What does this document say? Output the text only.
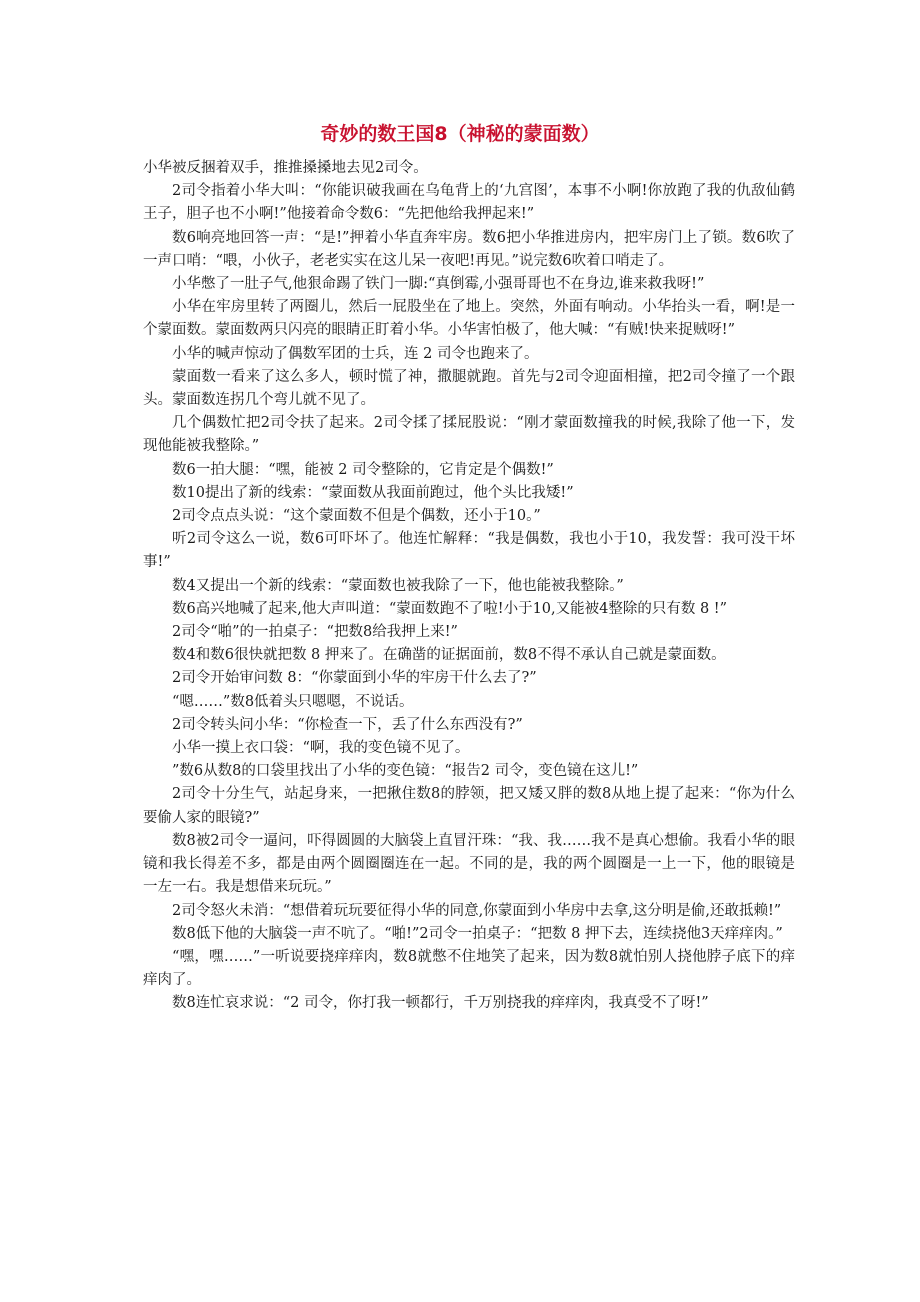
奇妙的数王国8（神秘的蒙面数）

小华被反捆着双手，推推搡搡地去见2司令。

2司令指着小华大叫：“你能识破我画在乌龟背上的‘九宫图’，本事不小啊!你放跑了我的仇敌仙鹤王子，胆子也不小啊!”他接着命令数6：“先把他给我押起来!”

数6响亮地回答一声：“是!”押着小华直奔牢房。数6把小华推进房内，把牢房门上了锁。数6吹了一声口哨：“喂，小伙子，老老实实在这儿呆一夜吧!再见。”说完数6吹着口哨走了。

小华憋了一肚子气,他狠命踢了铁门一脚:“真倒霉,小强哥哥也不在身边,谁来救我呀!”

小华在牢房里转了两圈儿，然后一屁股坐在了地上。突然，外面有响动。小华抬头一看，啊!是一个蒙面数。蒙面数两只闪亮的眼睛正盯着小华。小华害怕极了，他大喊：“有贼!快来捉贼呀!”

小华的喊声惊动了偶数军团的士兵，连 2 司令也跑来了。

蒙面数一看来了这么多人，顿时慌了神，撒腿就跑。首先与2司令迎面相撞，把2司令撞了一个跟头。蒙面数连拐几个弯儿就不见了。

几个偶数忙把2司令扶了起来。2司令揉了揉屁股说：“刚才蒙面数撞我的时候,我除了他一下，发现他能被我整除。”

数6一拍大腿：“嘿，能被 2 司令整除的，它肯定是个偶数!”

数10提出了新的线索：“蒙面数从我面前跑过，他个头比我矮!”

2司令点点头说：“这个蒙面数不但是个偶数，还小于10。”

听2司令这么一说，数6可吓坏了。他连忙解释：“我是偶数，我也小于10，我发誓：我可没干坏事!”

数4又提出一个新的线索：“蒙面数也被我除了一下，他也能被我整除。”

数6高兴地喊了起来,他大声叫道：“蒙面数跑不了啦!小于10,又能被4整除的只有数 8 !”

2司令“啪”的一拍桌子：“把数8给我押上来!”

数4和数6很快就把数 8 押来了。在确凿的证据面前，数8不得不承认自己就是蒙面数。

2司令开始审问数 8：“你蒙面到小华的牢房干什么去了?”

“嗯……”数8低着头只嗯嗯，不说话。

2司令转头问小华：“你检查一下，丢了什么东西没有?”

小华一摸上衣口袋：“啊，我的变色镜不见了。

”数6从数8的口袋里找出了小华的变色镜：“报告2 司令，变色镜在这儿!”

2司令十分生气，站起身来，一把揪住数8的脖领，把又矮又胖的数8从地上提了起来：“你为什么要偷人家的眼镜?”

数8被2司令一逼问，吓得圆圆的大脑袋上直冒汗珠：“我、我……我不是真心想偷。我看小华的眼镜和我长得差不多，都是由两个圆圈圈连在一起。不同的是，我的两个圆圈是一上一下，他的眼镜是一左一右。我是想借来玩玩。”

2司令怒火未消：“想借着玩玩要征得小华的同意,你蒙面到小华房中去拿,这分明是偷,还敢抵赖!”

数8低下他的大脑袋一声不吭了。“啪!”2司令一拍桌子：“把数 8 押下去，连续挠他3天痒痒肉。”

“嘿，嘿……”一听说要挠痒痒肉，数8就憋不住地笑了起来，因为数8就怕别人挠他脖子底下的痒痒肉了。

数8连忙哀求说：“2 司令，你打我一顿都行，千万别挠我的痒痒肉，我真受不了呀!”
